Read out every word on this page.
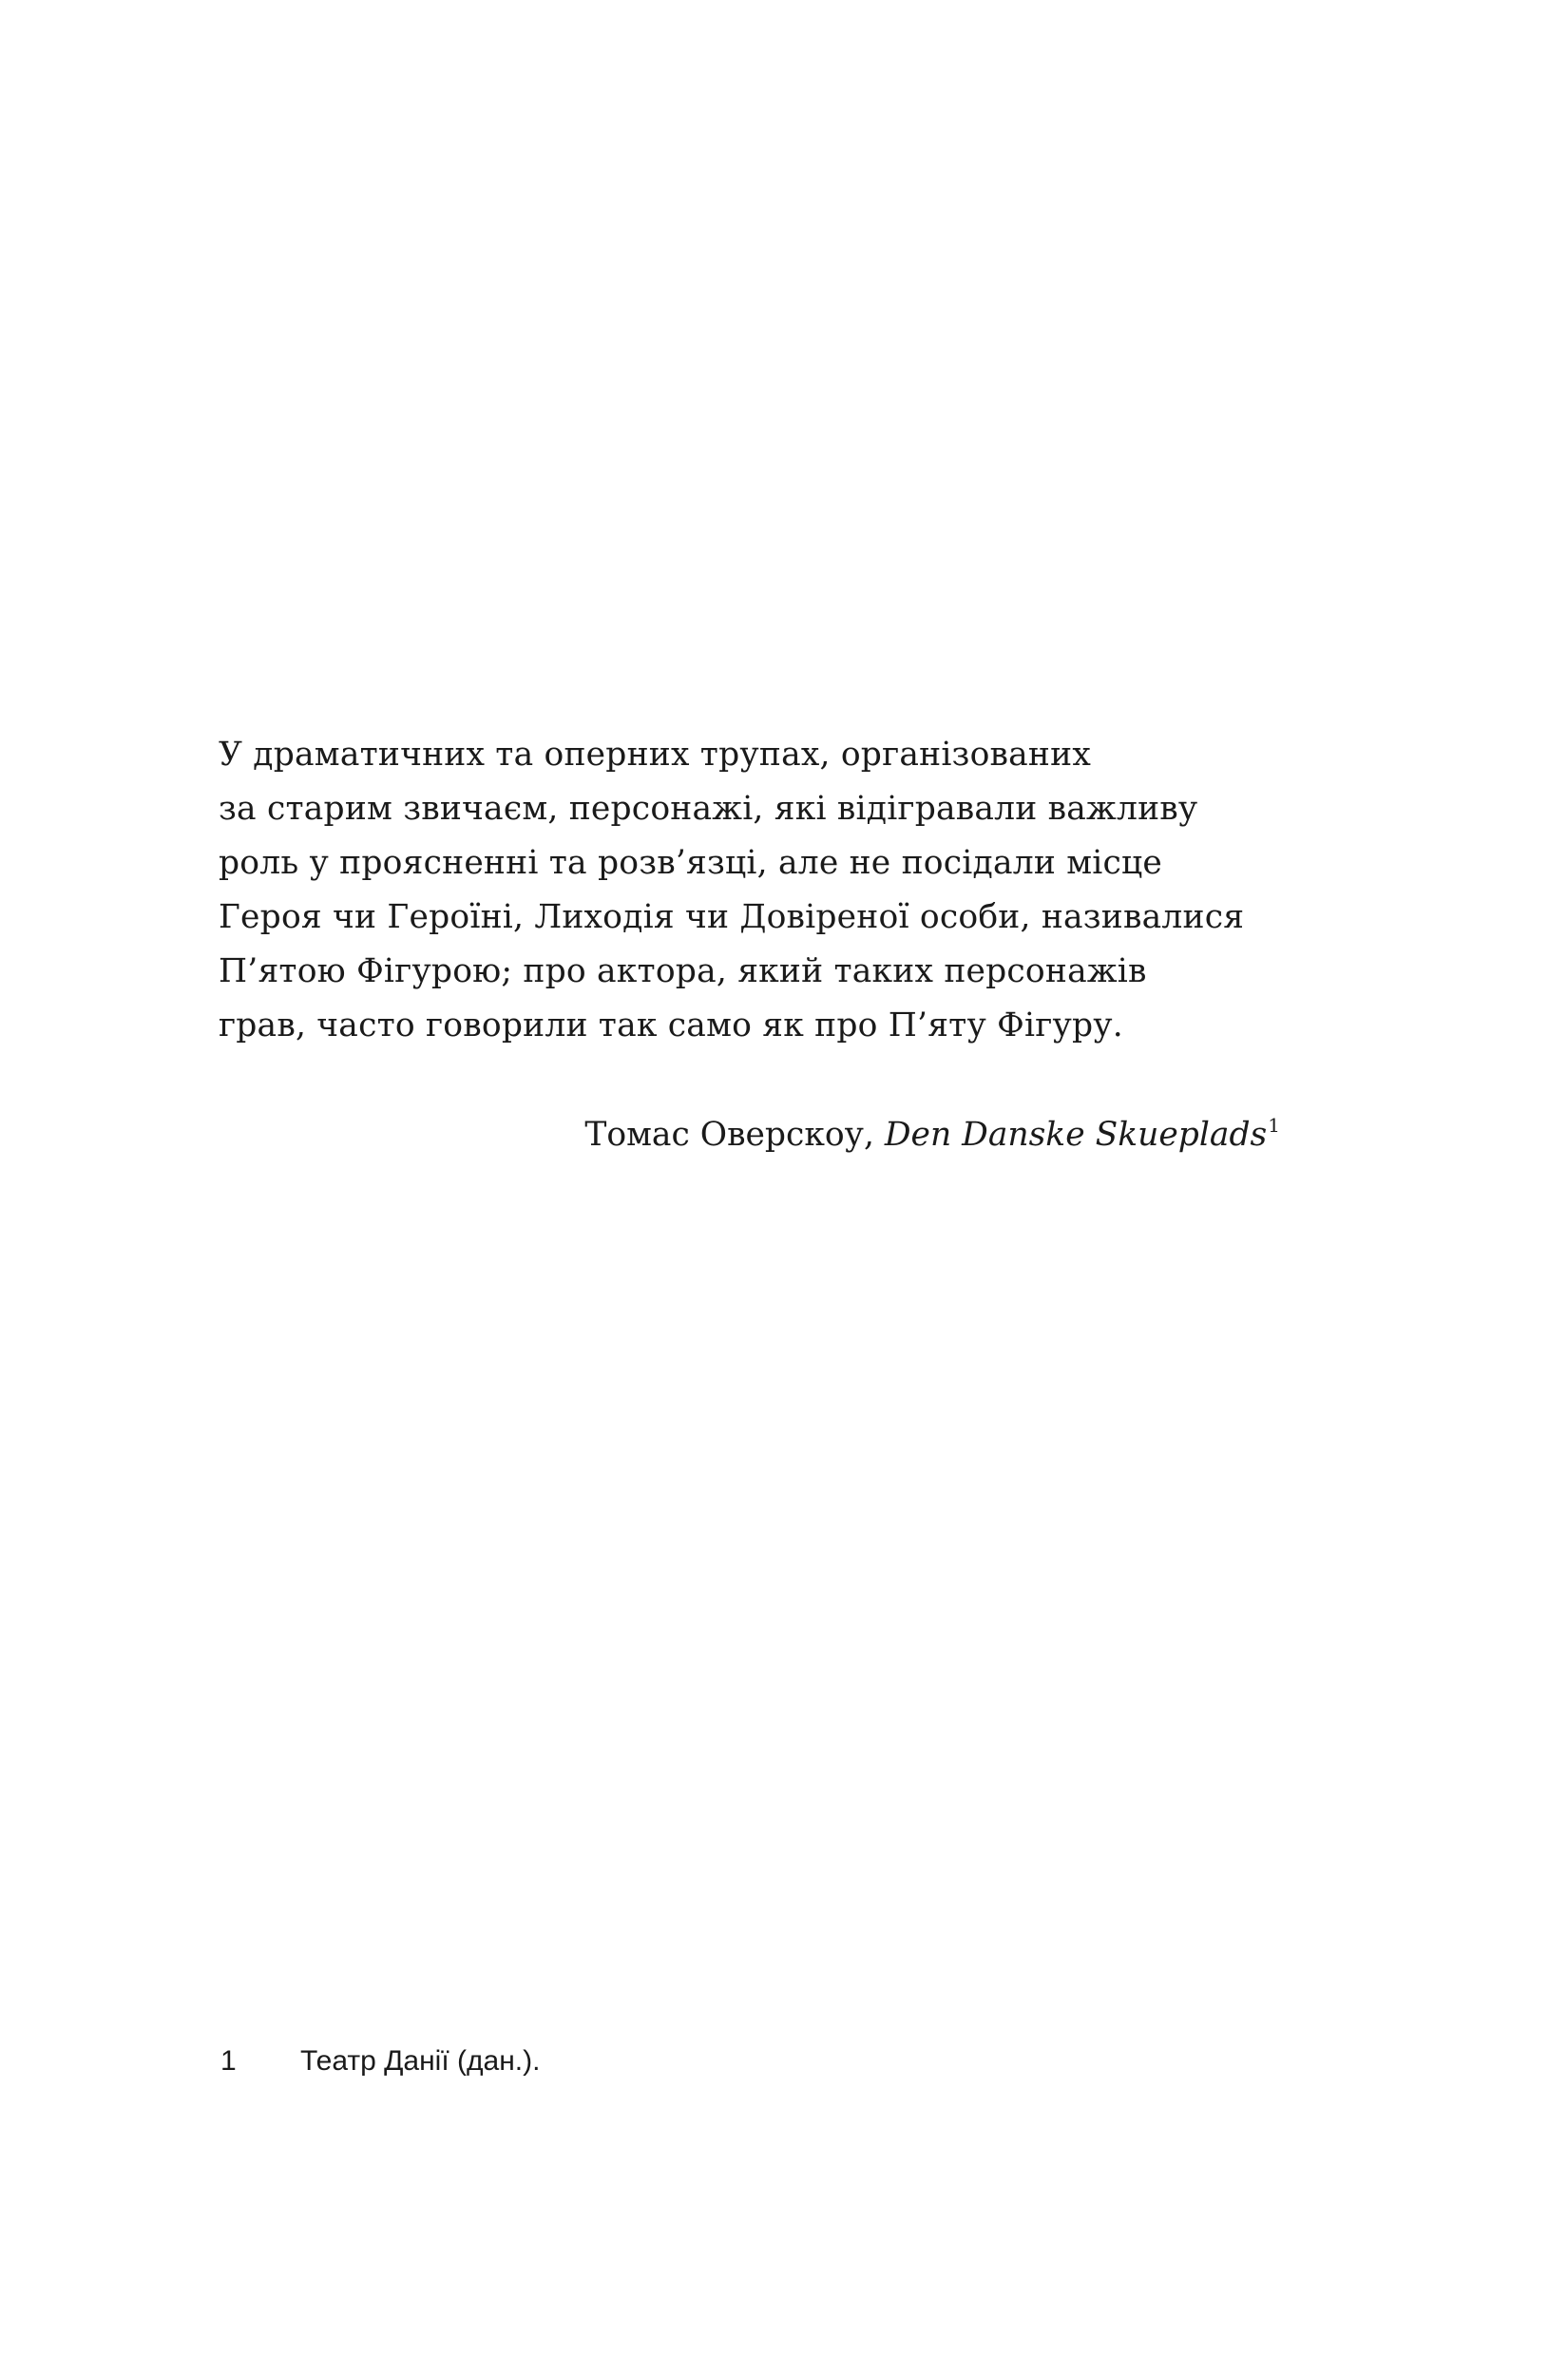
У драматичних та оперних трупах, організованих
за старим звичаєм, персонажі, які відігравали важливу
роль у проясненні та розв’язці, але не посідали місце
Героя чи Героїні, Лиходія чи Довіреної особи, називалися
П’ятою Фігурою; про актора, який таких персонажів
грав, часто говорили так само як про П’яту Фігуру.
Томас Оверскоу, Den Danske Skueplads$^1$
1 Театр Данії (дан.).
